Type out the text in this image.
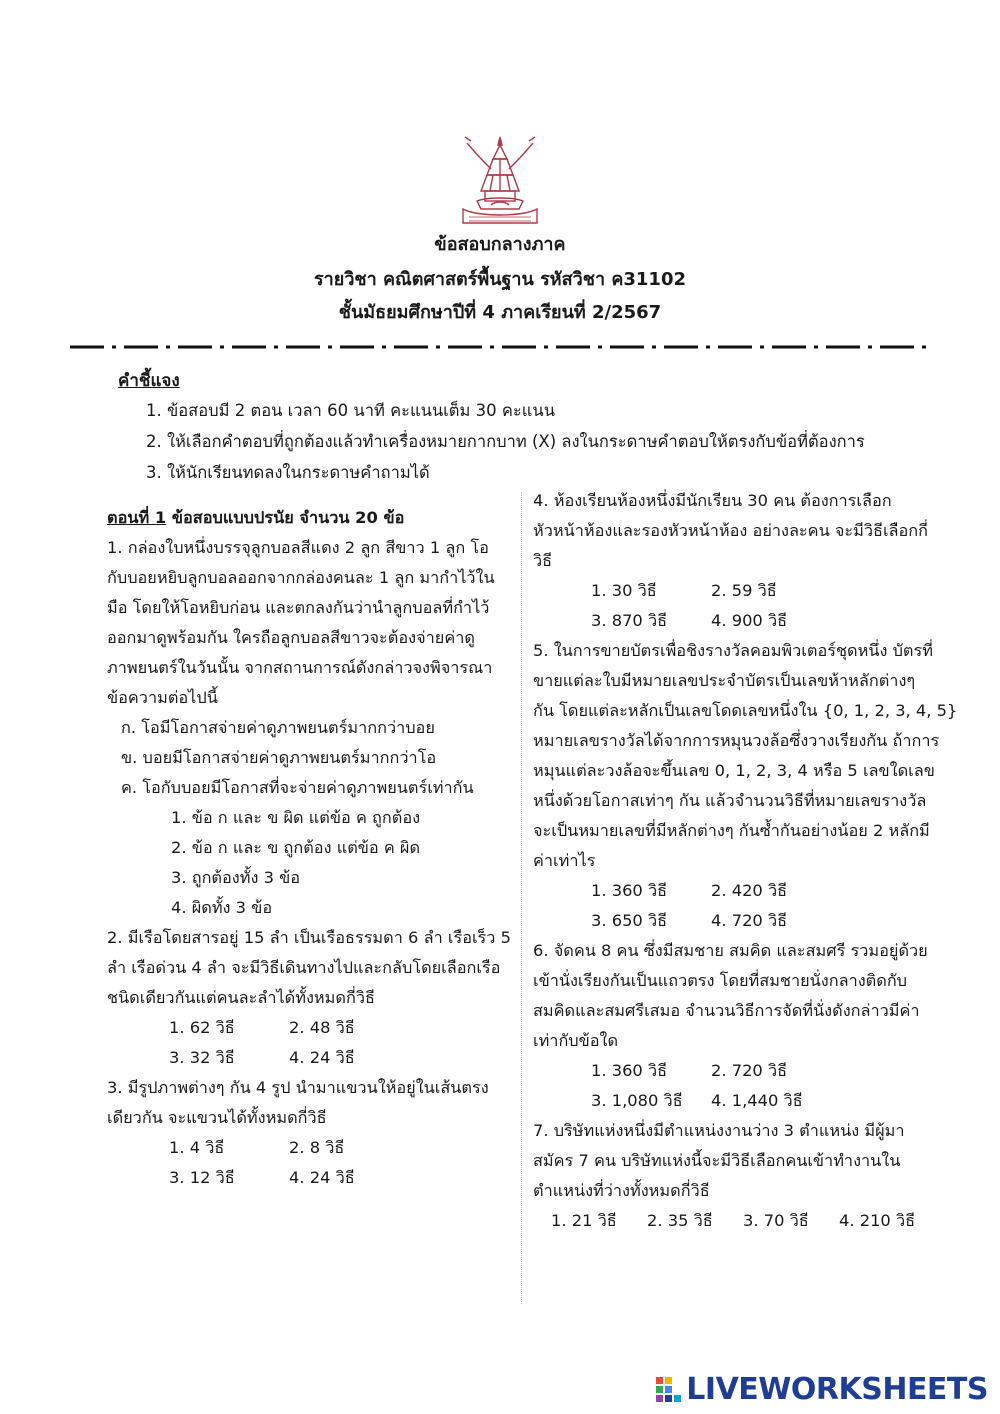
ข้อสอบกลางภาค
รายวิชา คณิตศาสตร์พื้นฐาน รหัสวิชา ค31102
ชั้นมัธยมศึกษาปีที่ 4 ภาคเรียนที่ 2/2567
คำชี้แจง
1. ข้อสอบมี 2 ตอน เวลา 60 นาที คะแนนเต็ม 30 คะแนน
2. ให้เลือกคำตอบที่ถูกต้องแล้วทำเครื่องหมายกากบาท (X) ลงในกระดาษคำตอบให้ตรงกับข้อที่ต้องการ
3. ให้นักเรียนทดลงในกระดาษคำถามได้
ตอนที่ 1 ข้อสอบแบบปรนัย จำนวน 20 ข้อ
1. กล่องใบหนึ่งบรรจุลูกบอลสีแดง 2 ลูก สีขาว 1 ลูก โอ
กับบอยหยิบลูกบอลออกจากกล่องคนละ 1 ลูก มากำไว้ใน
มือ โดยให้โอหยิบก่อน และตกลงกันว่านำลูกบอลที่กำไว้
ออกมาดูพร้อมกัน ใครถือลูกบอลสีขาวจะต้องจ่ายค่าดู
ภาพยนตร์ในวันนั้น จากสถานการณ์ดังกล่าวจงพิจารณา
ข้อความต่อไปนี้
ก. โอมีโอกาสจ่ายค่าดูภาพยนตร์มากกว่าบอย
ข. บอยมีโอกาสจ่ายค่าดูภาพยนตร์มากกว่าโอ
ค. โอกับบอยมีโอกาสที่จะจ่ายค่าดูภาพยนตร์เท่ากัน
1. ข้อ ก และ ข ผิด แต่ข้อ ค ถูกต้อง
2. ข้อ ก และ ข ถูกต้อง แต่ข้อ ค ผิด
3. ถูกต้องทั้ง 3 ข้อ
4. ผิดทั้ง 3 ข้อ
2. มีเรือโดยสารอยู่ 15 ลำ เป็นเรือธรรมดา 6 ลำ เรือเร็ว 5
ลำ เรือด่วน 4 ลำ จะมีวิธีเดินทางไปและกลับโดยเลือกเรือ
ชนิดเดียวกันแต่คนละลำได้ทั้งหมดกี่วิธี
1. 62 วิธี	2. 48 วิธี
3. 32 วิธี	4. 24 วิธี
3. มีรูปภาพต่างๆ กัน 4 รูป นำมาแขวนให้อยู่ในเส้นตรง
เดียวกัน จะแขวนได้ทั้งหมดกี่วิธี
1. 4 วิธี	2. 8 วิธี
3. 12 วิธี	4. 24 วิธี
4. ห้องเรียนห้องหนึ่งมีนักเรียน 30 คน ต้องการเลือก
หัวหน้าห้องและรองหัวหน้าห้อง อย่างละคน จะมีวิธีเลือกกี่
วิธี
1. 30 วิธี	2. 59 วิธี
3. 870 วิธี	4. 900 วิธี
5. ในการขายบัตรเพื่อชิงรางวัลคอมพิวเตอร์ชุดหนึ่ง บัตรที่
ขายแต่ละใบมีหมายเลขประจำบัตรเป็นเลขห้าหลักต่างๆ
กัน โดยแต่ละหลักเป็นเลขโดดเลขหนึ่งใน {0, 1, 2, 3, 4, 5}
หมายเลขรางวัลได้จากการหมุนวงล้อซึ่งวางเรียงกัน ถ้าการ
หมุนแต่ละวงล้อจะขึ้นเลข 0, 1, 2, 3, 4 หรือ 5 เลขใดเลข
หนึ่งด้วยโอกาสเท่าๆ กัน แล้วจำนวนวิธีที่หมายเลขรางวัล
จะเป็นหมายเลขที่มีหลักต่างๆ กันซ้ำกันอย่างน้อย 2 หลักมี
ค่าเท่าไร
1. 360 วิธี	2. 420 วิธี
3. 650 วิธี	4. 720 วิธี
6. จัดคน 8 คน ซึ่งมีสมชาย สมคิด และสมศรี รวมอยู่ด้วย
เข้านั่งเรียงกันเป็นแถวตรง โดยที่สมชายนั่งกลางติดกับ
สมคิดและสมศรีเสมอ จำนวนวิธีการจัดที่นั่งดังกล่าวมีค่า
เท่ากับข้อใด
1. 360 วิธี	2. 720 วิธี
3. 1,080 วิธี	4. 1,440 วิธี
7. บริษัทแห่งหนึ่งมีตำแหน่งงานว่าง 3 ตำแหน่ง มีผู้มา
สมัคร 7 คน บริษัทแห่งนี้จะมีวิธีเลือกคนเข้าทำงานใน
ตำแหน่งที่ว่างทั้งหมดกี่วิธี
1. 21 วิธี	2. 35 วิธี	3. 70 วิธี	4. 210 วิธี
LIVEWORKSHEETS
